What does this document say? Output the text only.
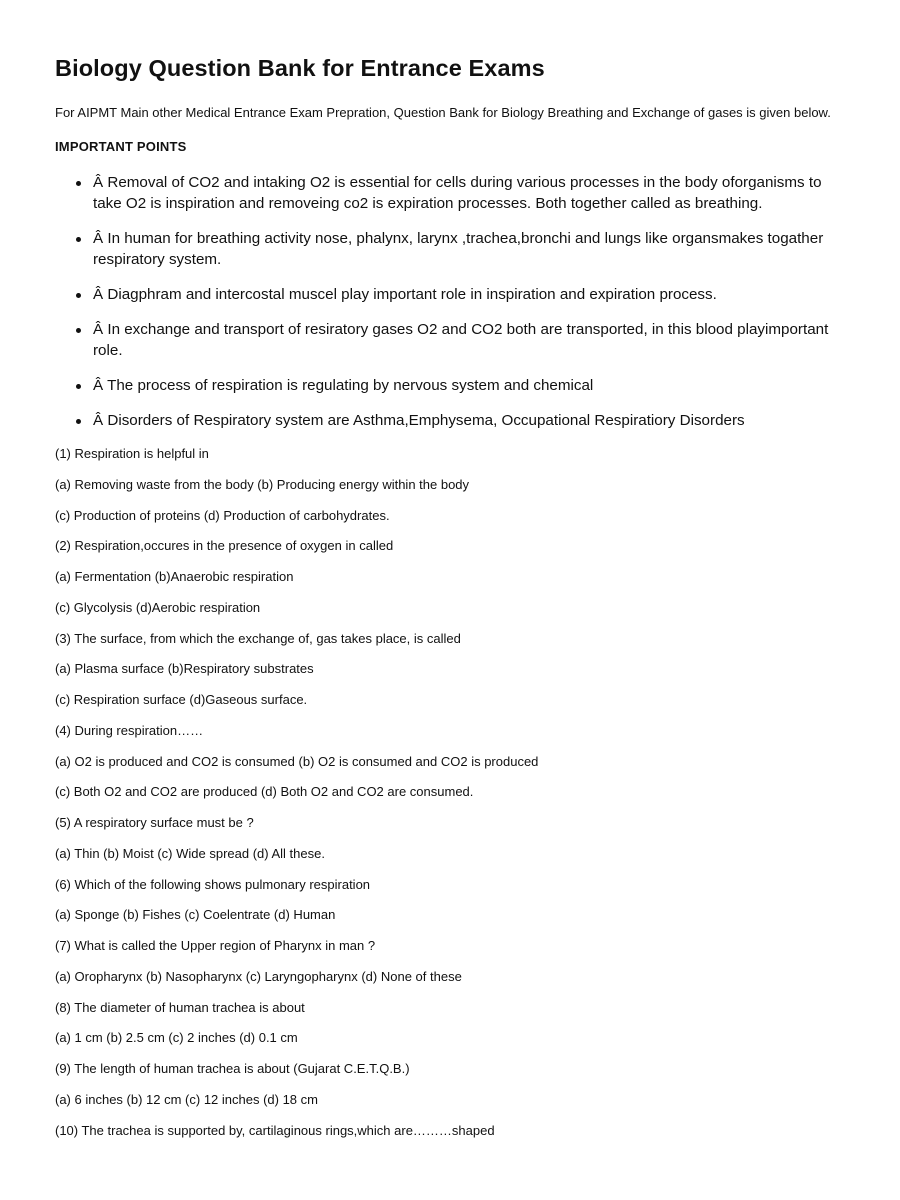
Biology Question Bank for Entrance Exams

For AIPMT Main other Medical Entrance Exam Prepration, Question Bank for Biology Breathing and Exchange of gases is given below.

IMPORTANT POINTS

Â Removal of CO2 and intaking O2 is essential for cells during various processes in the body oforganisms to take O2 is inspiration and removeing co2 is expiration processes. Both together called as breathing.
Â In human for breathing activity nose, phalynx, larynx ,trachea,bronchi and lungs like organsmakes togather respiratory system.
Â Diagphram and intercostal muscel play important role in inspiration and expiration process.
Â In exchange and transport of resiratory gases O2 and CO2 both are transported, in this blood playimportant role.
Â The process of respiration is regulating by nervous system and chemical
Â Disorders of Respiratory system are Asthma,Emphysema, Occupational Respiratiory Disorders
(1) Respiration is helpful in
(a) Removing waste from the body (b) Producing energy within the body
(c) Production of proteins (d) Production of carbohydrates.
(2) Respiration,occures in the presence of oxygen in called
(a) Fermentation (b)Anaerobic respiration
(c) Glycolysis (d)Aerobic respiration
(3) The surface, from which the exchange of, gas takes place, is called
(a) Plasma surface (b)Respiratory substrates
(c) Respiration surface (d)Gaseous surface.
(4) During respiration……
(a) O2 is produced and CO2 is consumed (b) O2 is consumed and CO2 is produced
(c) Both O2 and CO2 are produced (d) Both O2 and CO2 are consumed.
(5) A respiratory surface must be ?
(a) Thin (b) Moist (c) Wide spread (d) All these.
(6) Which of the following shows pulmonary respiration
(a) Sponge (b) Fishes (c) Coelentrate (d) Human
(7) What is called the Upper region of Pharynx in man ?
(a) Oropharynx (b) Nasopharynx (c) Laryngopharynx (d) None of these
(8) The diameter of human trachea is about
(a) 1 cm (b) 2.5 cm (c) 2 inches (d) 0.1 cm
(9) The length of human trachea is about (Gujarat C.E.T.Q.B.)
(a) 6 inches (b) 12 cm (c) 12 inches (d) 18 cm
(10) The trachea is supported by, cartilaginous rings,which are………shaped
